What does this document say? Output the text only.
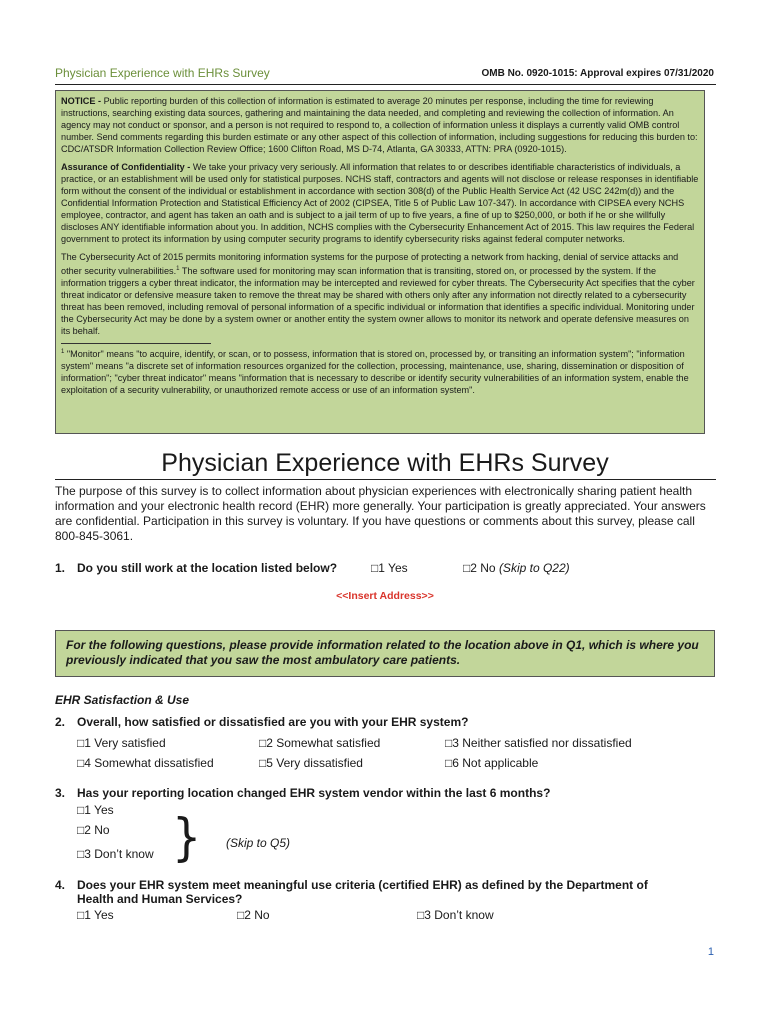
Physician Experience with EHRs Survey	OMB No. 0920-1015: Approval expires 07/31/2020

NOTICE - Public reporting burden of this collection of information is estimated to average 20 minutes per response, including the time for reviewing instructions, searching existing data sources, gathering and maintaining the data needed, and completing and reviewing the collection of information. An agency may not conduct or sponsor, and a person is not required to respond to, a collection of information unless it displays a currently valid OMB control number. Send comments regarding this burden estimate or any other aspect of this collection of information, including suggestions for reducing this burden to: CDC/ATSDR Information Collection Review Office; 1600 Clifton Road, MS D-74, Atlanta, GA 30333, ATTN: PRA (0920-1015).

Assurance of Confidentiality - We take your privacy very seriously. All information that relates to or describes identifiable characteristics of individuals, a practice, or an establishment will be used only for statistical purposes. NCHS staff, contractors and agents will not disclose or release responses in identifiable form without the consent of the individual or establishment in accordance with section 308(d) of the Public Health Service Act (42 USC 242m(d)) and the Confidential Information Protection and Statistical Efficiency Act of 2002 (CIPSEA, Title 5 of Public Law 107-347). In accordance with CIPSEA every NCHS employee, contractor, and agent has taken an oath and is subject to a jail term of up to five years, a fine of up to $250,000, or both if he or she willfully discloses ANY identifiable information about you. In addition, NCHS complies with the Cybersecurity Enhancement Act of 2015. This law requires the Federal government to protect its information by using computer security programs to identify cybersecurity risks against federal computer networks.

The Cybersecurity Act of 2015 permits monitoring information systems for the purpose of protecting a network from hacking, denial of service attacks and other security vulnerabilities.$^1$ The software used for monitoring may scan information that is transiting, stored on, or processed by the system. If the information triggers a cyber threat indicator, the information may be intercepted and reviewed for cyber threats. The Cybersecurity Act specifies that the cyber threat indicator or defensive measure taken to remove the threat may be shared with others only after any information not directly related to a cybersecurity threat has been removed, including removal of personal information of a specific individual or information that identifies a specific individual. Monitoring under the Cybersecurity Act may be done by a system owner or another entity the system owner allows to monitor its network and operate defensive measures on its behalf.

$^1$ "Monitor" means "to acquire, identify, or scan, or to possess, information that is stored on, processed by, or transiting an information system"; "information system" means "a discrete set of information resources organized for the collection, processing, maintenance, use, sharing, dissemination or disposition of information"; "cyber threat indicator" means "information that is necessary to describe or identify security vulnerabilities of an information system, enable the exploitation of a security vulnerability, or unauthorized remote access or use of an information system".

Physician Experience with EHRs Survey
The purpose of this survey is to collect information about physician experiences with electronically sharing patient health information and your electronic health record (EHR) more generally. Your participation is greatly appreciated. Your answers are confidential. Participation in this survey is voluntary. If you have questions or comments about this survey, please call 800-845-3061.
1. Do you still work at the location listed below?	□1 Yes	□2 No (Skip to Q22)
<<Insert Address>>
For the following questions, please provide information related to the location above in Q1, which is where you previously indicated that you saw the most ambulatory care patients.
EHR Satisfaction & Use
2. Overall, how satisfied or dissatisfied are you with your EHR system?
□1 Very satisfied	□2 Somewhat satisfied	□3 Neither satisfied nor dissatisfied
□4 Somewhat dissatisfied	□5 Very dissatisfied	□6 Not applicable
3. Has your reporting location changed EHR system vendor within the last 6 months?
□1 Yes
□2 No
□3 Don’t know } (Skip to Q5)
4. Does your EHR system meet meaningful use criteria (certified EHR) as defined by the Department of
Health and Human Services?
□1 Yes	□2 No	□3 Don’t know
1
